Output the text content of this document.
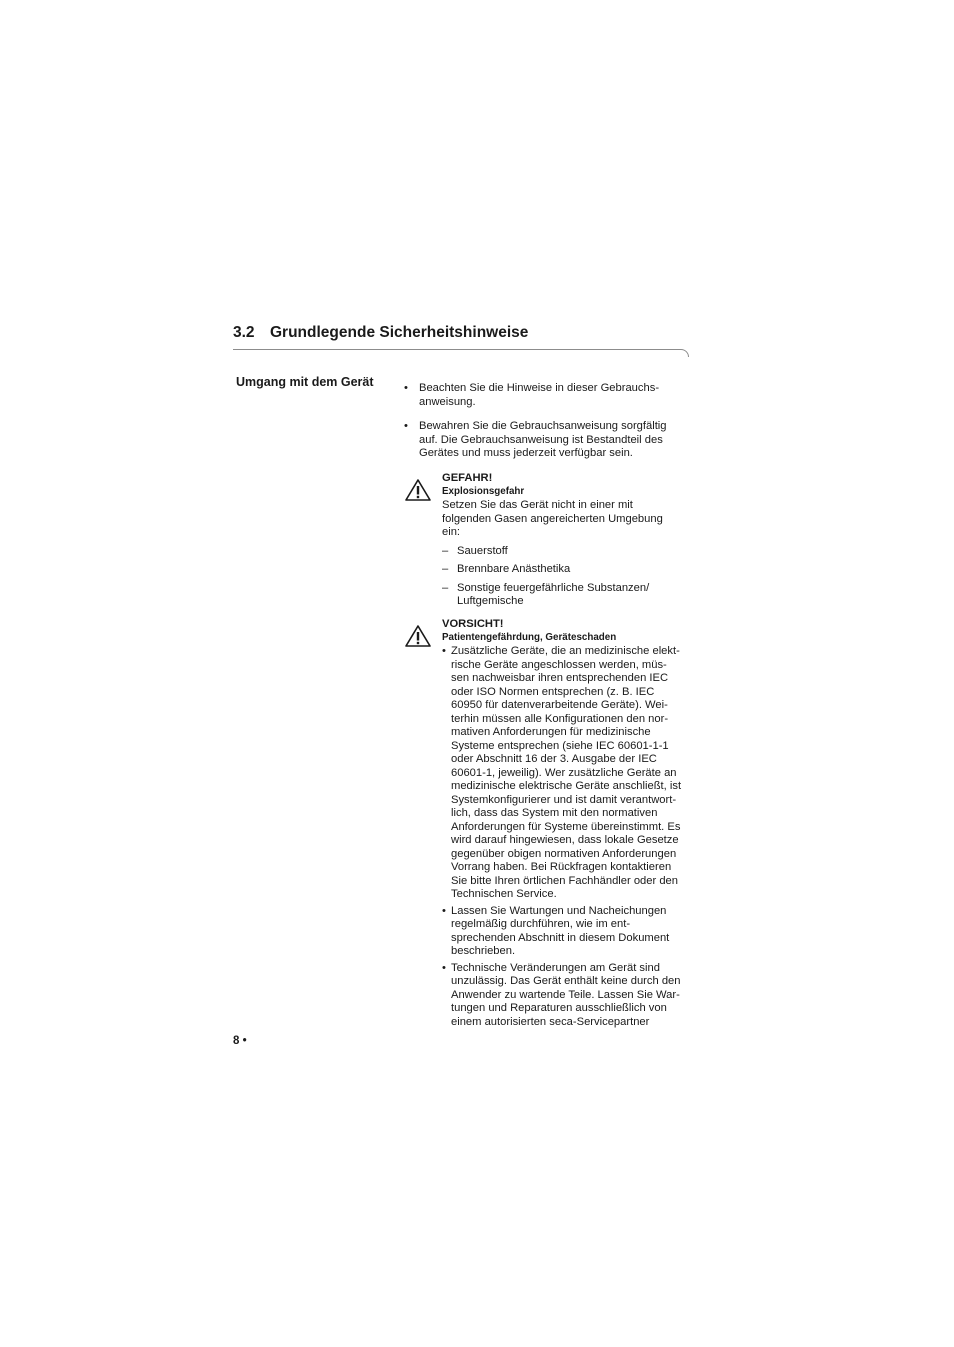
3.2 Grundlegende Sicherheitshinweise
Umgang mit dem Gerät	• Beachten Sie die Hinweise in dieser Gebrauchs-
anweisung.
• Bewahren Sie die Gebrauchsanweisung sorgfältig
auf. Die Gebrauchsanweisung ist Bestandteil des
Gerätes und muss jederzeit verfügbar sein.
GEFAHR!
Explosionsgefahr
Setzen Sie das Gerät nicht in einer mit
folgenden Gasen angereicherten Umgebung
ein:
– Sauerstoff
– Brennbare Anästhetika
– Sonstige feuergefährliche Substanzen/
Luftgemische
VORSICHT!
Patientengefährdung, Geräteschaden
• Zusätzliche Geräte, die an medizinische elekt-
rische Geräte angeschlossen werden, müs-
sen nachweisbar ihren entsprechenden IEC
oder ISO Normen entsprechen (z. B. IEC
60950 für datenverarbeitende Geräte). Wei-
terhin müssen alle Konfigurationen den nor-
mativen Anforderungen für medizinische
Systeme entsprechen (siehe IEC 60601-1-1
oder Abschnitt 16 der 3. Ausgabe der IEC
60601-1, jeweilig). Wer zusätzliche Geräte an
medizinische elektrische Geräte anschließt, ist
Systemkonfigurierer und ist damit verantwort-
lich, dass das System mit den normativen
Anforderungen für Systeme übereinstimmt. Es
wird darauf hingewiesen, dass lokale Gesetze
gegenüber obigen normativen Anforderungen
Vorrang haben. Bei Rückfragen kontaktieren
Sie bitte Ihren örtlichen Fachhändler oder den
Technischen Service.
• Lassen Sie Wartungen und Nacheichungen
regelmäßig durchführen, wie im ent-
sprechenden Abschnitt in diesem Dokument
beschrieben.
• Technische Veränderungen am Gerät sind
unzulässig. Das Gerät enthält keine durch den
Anwender zu wartende Teile. Lassen Sie War-
tungen und Reparaturen ausschließlich von
einem autorisierten seca-Servicepartner
8 •
